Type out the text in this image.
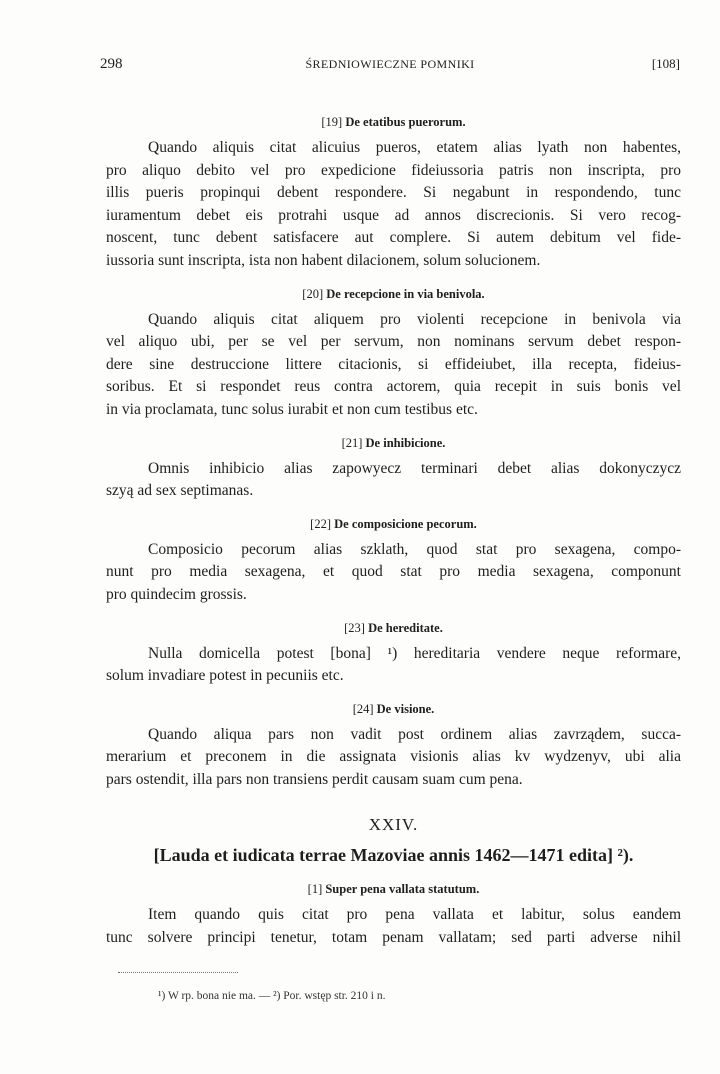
298	ŚREDNIOWIECZNE POMNIKI	[108]
[19] De etatibus puerorum.
Quando aliquis citat alicuius pueros, etatem alias lyath non habentes,
pro aliquo debito vel pro expedicione fideiussoria patris non inscripta, pro
illis pueris propinqui debent respondere. Si negabunt in respondendo, tunc
iuramentum debet eis protrahi usque ad annos discrecionis. Si vero recog-
noscent, tunc debent satisfacere aut complere. Si autem debitum vel fide-
iussoria sunt inscripta, ista non habent dilacionem, solum solucionem.
[20] De recepcione in via benivola.
Quando aliquis citat aliquem pro violenti recepcione in benivola via
vel aliquo ubi, per se vel per servum, non nominans servum debet respon-
dere sine destruccione littere citacionis, si effideiubet, illa recepta, fideius-
soribus. Et si respondet reus contra actorem, quia recepit in suis bonis vel
in via proclamata, tunc solus iurabit et non cum testibus etc.
[21] De inhibicione.
Omnis inhibicio alias zapowyecz terminari debet alias dokonyczycz
szyą ad sex septimanas.
[22] De composicione pecorum.
Composicio pecorum alias szklath, quod stat pro sexagena, compo-
nunt pro media sexagena, et quod stat pro media sexagena, componunt
pro quindecim grossis.
[23] De hereditate.
Nulla domicella potest [bona] ¹) hereditaria vendere neque reformare,
solum invadiare potest in pecuniis etc.
[24] De visione.
Quando aliqua pars non vadit post ordinem alias zavrządem, succa-
merarium et preconem in die assignata visionis alias kv wydzenyv, ubi alia
pars ostendit, illa pars non transiens perdit causam suam cum pena.
XXIV.
[Lauda et iudicata terrae Mazoviae annis 1462—1471 edita] ²).
[1] Super pena vallata statutum.
Item quando quis citat pro pena vallata et labitur, solus eandem
tunc solvere principi tenetur, totam penam vallatam; sed parti adverse nihil
¹) W rp. bona nie ma. — ²) Por. wstęp str. 210 i n.
